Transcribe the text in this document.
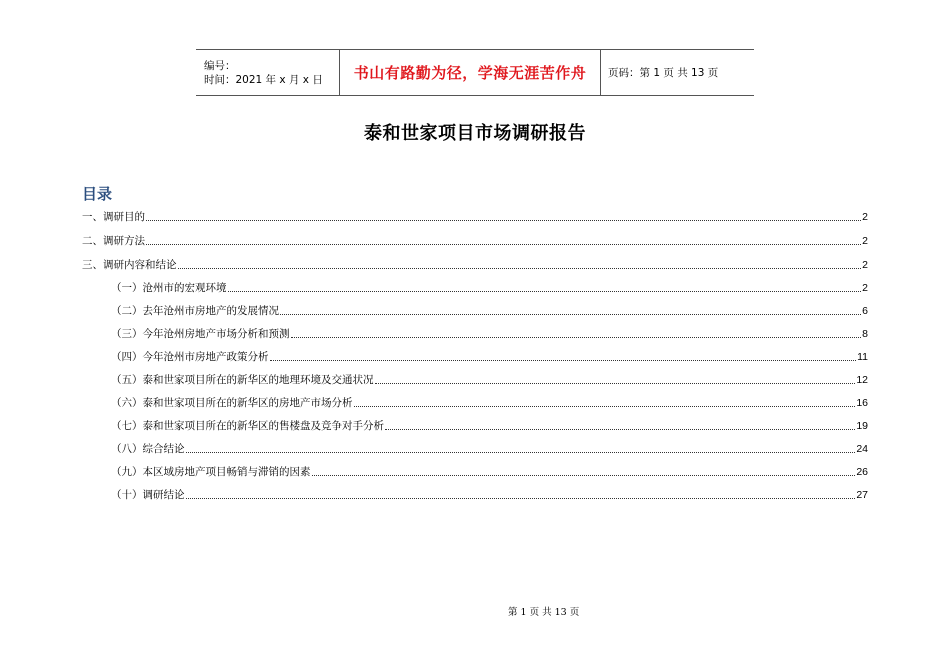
编号：
时间：2021 年 x 月 x 日	书山有路勤为径，学海无涯苦作舟 页码：第 1 页 共 13 页
泰和世家项目市场调研报告
目录
一、调研目的	2
二、调研方法	2
三、调研内容和结论	2
（一）沧州市的宏观环境	2
（二）去年沧州市房地产的发展情况	6
（三）今年沧州房地产市场分析和预测	8
（四）今年沧州市房地产政策分析	11
（五）泰和世家项目所在的新华区的地理环境及交通状况	12
（六）泰和世家项目所在的新华区的房地产市场分析	16
（七）泰和世家项目所在的新华区的售楼盘及竞争对手分析	19
（八）综合结论	24
（九）本区域房地产项目畅销与滞销的因素	26
（十）调研结论	27
第 1 页 共 13 页
